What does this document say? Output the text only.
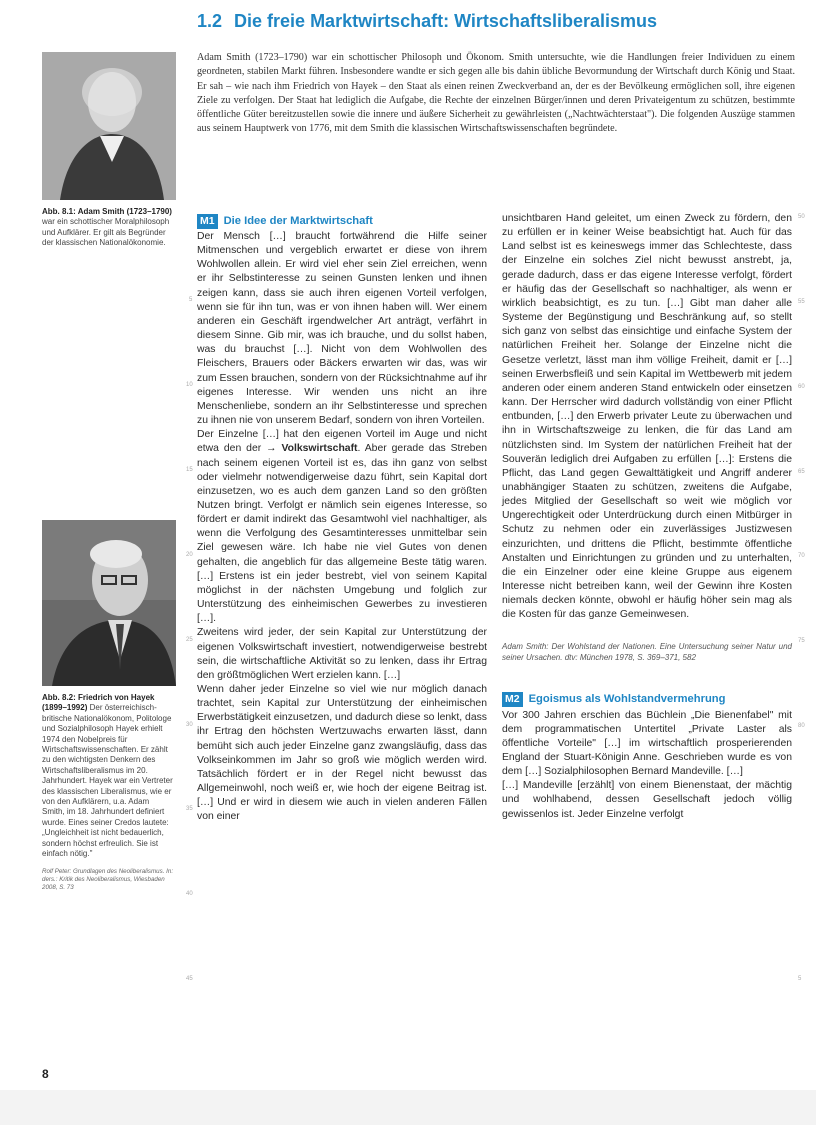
1.2 Die freie Marktwirtschaft: Wirtschaftsliberalismus
Adam Smith (1723–1790) war ein schottischer Philosoph und Ökonom. Smith untersuchte, wie die Handlungen freier Individuen zu einem geordneten, stabilen Markt führen. Insbesondere wandte er sich gegen alle bis dahin übliche Bevormundung der Wirtschaft durch König und Staat. Er sah – wie nach ihm Friedrich von Hayek – den Staat als einen reinen Zweckverband an, der es der Bevölkeung ermöglichen soll, ihre eigenen Ziele zu verfolgen. Der Staat hat lediglich die Aufgabe, die Rechte der einzelnen Bürger/innen und deren Privateigentum zu schützen, bestimmte öffentliche Güter bereitzustellen sowie die innere und äußere Sicherheit zu gewährleisten („Nachtwächterstaat"). Die folgenden Auszüge stammen aus seinem Hauptwerk von 1776, mit dem Smith die klassischen Wirtschaftswissenschaften begründete.
Abb. 8.1: Adam Smith (1723–1790) war ein schottischer Moralphilosoph und Aufklärer. Er gilt als Begründer der klassischen Nationalökonomie.
Abb. 8.2: Friedrich von Hayek (1899–1992) Der österreichisch-britische Nationalökonom, Politologe und Sozialphilosoph Hayek erhielt 1974 den Nobelpreis für Wirtschaftswissenschaften. Er zählt zu den wichtigsten Denkern des Wirtschaftsliberalismus im 20. Jahrhundert. Hayek war ein Vertreter des klassischen Liberalismus, wie er von den Aufklärern, u.a. Adam Smith, im 18. Jahrhundert definiert wurde. Eines seiner Credos lautete: „Ungleichheit ist nicht bedauerlich, sondern höchst erfreulich. Sie ist einfach nötig."
Rolf Peter: Grundlagen des Neoliberalismus. In: ders.: Kritik des Neoliberalismus, Wiesbaden 2008, S. 73
M1 Die Idee der Marktwirtschaft

Der Mensch […] braucht fortwährend die Hilfe seiner Mitmenschen und vergeblich erwartet er diese von ihrem Wohlwollen allein. Er wird viel eher sein Ziel erreichen, wenn er ihr Selbstinteresse zu seinen Gunsten lenken und ihnen zeigen kann, dass sie auch ihren eigenen Vorteil verfolgen, wenn sie für ihn tun, was er von ihnen haben will. Wer einem anderen ein Geschäft irgendwelcher Art anträgt, verfährt in diesem Sinne. Gib mir, was ich brauche, und du sollst haben, was du brauchst […]. Nicht von dem Wohlwollen des Fleischers, Brauers oder Bäckers erwarten wir das, was wir zum Essen brauchen, sondern von der Rücksichtnahme auf ihr eigenes Interesse. Wir wenden uns nicht an ihre Menschenliebe, sondern an ihr Selbstinteresse und sprechen zu ihnen nie von unserem Bedarf, sondern von ihren Vorteilen.

Der Einzelne […] hat den eigenen Vorteil im Auge und nicht etwa den der → Volkswirtschaft. Aber gerade das Streben nach seinem eigenen Vorteil ist es, das ihn ganz von selbst oder vielmehr notwendigerweise dazu führt, sein Kapital dort einzusetzen, wo es auch dem ganzen Land so den größten Nutzen bringt. Verfolgt er nämlich sein eigenes Interesse, so fördert er damit indirekt das Gesamtwohl viel nachhaltiger, als wenn die Verfolgung des Gesamtinteresses unmittelbar sein Ziel gewesen wäre. Ich habe nie viel Gutes von denen gehalten, die angeblich für das allgemeine Beste tätig waren. […] Erstens ist ein jeder bestrebt, viel von seinem Kapital möglichst in der nächsten Umgebung und folglich zur Unterstützung des einheimischen Gewerbes zu investieren […].

Zweitens wird jeder, der sein Kapital zur Unterstützung der eigenen Volkswirtschaft investiert, notwendigerweise bestrebt sein, die wirtschaftliche Aktivität so zu lenken, dass ihr Ertrag den größtmöglichen Wert erzielen kann. […]

Wenn daher jeder Einzelne so viel wie nur möglich danach trachtet, sein Kapital zur Unterstützung der einheimischen Erwerbstätigkeit einzusetzen, und dadurch diese so lenkt, dass ihr Ertrag den höchsten Wertzuwachs erwarten lässt, dann bemüht sich auch jeder Einzelne ganz zwangsläufig, dass das Volkseinkommen im Jahr so groß wie möglich werden wird. Tatsächlich fördert er in der Regel nicht bewusst das Allgemeinwohl, noch weiß er, wie hoch der eigene Beitrag ist. […] Und er wird in diesem wie auch in vielen anderen Fällen von einer

unsichtbaren Hand geleitet, um einen Zweck zu fördern, den zu erfüllen er in keiner Weise beabsichtigt hat. Auch für das Land selbst ist es keineswegs immer das Schlechteste, dass der Einzelne ein solches Ziel nicht bewusst anstrebt, ja, gerade dadurch, dass er das eigene Interesse verfolgt, fördert er häufig das der Gesellschaft so nachhaltiger, als wenn er wirklich beabsichtigt, es zu tun. […] Gibt man daher alle Systeme der Begünstigung und Beschränkung auf, so stellt sich ganz von selbst das einsichtige und einfache System der natürlichen Freiheit her. Solange der Einzelne nicht die Gesetze verletzt, lässt man ihm völlige Freiheit, damit er […] seinen Erwerbsfleiß und sein Kapital im Wettbewerb mit jedem anderen oder einem anderen Stand entwickeln oder einsetzen kann. Der Herrscher wird dadurch vollständig von einer Pflicht entbunden, […] den Erwerb privater Leute zu überwachen und ihn in Wirtschaftszweige zu lenken, die für das Land am nützlichsten sind. Im System der natürlichen Freiheit hat der Souverän lediglich drei Aufgaben zu erfüllen […]: Erstens die Pflicht, das Land gegen Gewalttätigkeit und Angriff anderer unabhängiger Staaten zu schützen, zweitens die Aufgabe, jedes Mitglied der Gesellschaft so weit wie möglich vor Ungerechtigkeit oder Unterdrückung durch einen Mitbürger in Schutz zu nehmen oder ein zuverlässiges Justizwesen einzurichten, und drittens die Pflicht, bestimmte öffentliche Anstalten und Einrichtungen zu gründen und zu unterhalten, die ein Einzelner oder eine kleine Gruppe aus eigenem Interesse nicht betreiben kann, weil der Gewinn ihre Kosten niemals decken könnte, obwohl er häufig höher sein mag als die Kosten für das ganze Gemeinwesen.

Adam Smith: Der Wohlstand der Nationen. Eine Untersuchung seiner Natur und seiner Ursachen. dtv: München 1978, S. 369–371, 582
M2 Egoismus als Wohlstandvermehrung

Vor 300 Jahren erschien das Büchlein „Die Bienenfabel" mit dem programmatischen Untertitel „Private Laster als öffentliche Vorteile" […] im wirtschaftlich prosperierenden England der Stuart-Königin Anne. Geschrieben wurde es von dem […] Sozialphilosophen Bernard Mandeville. […]

[…] Mandeville [erzählt] von einem Bienenstaat, der mächtig und wohlhabend, dessen Gesellschaft jedoch völlig gewissenlos ist. Jeder Einzelne verfolgt

5
10
15
20
25
30
35
40
45
50
55
60
65
70
75
80
5
8
